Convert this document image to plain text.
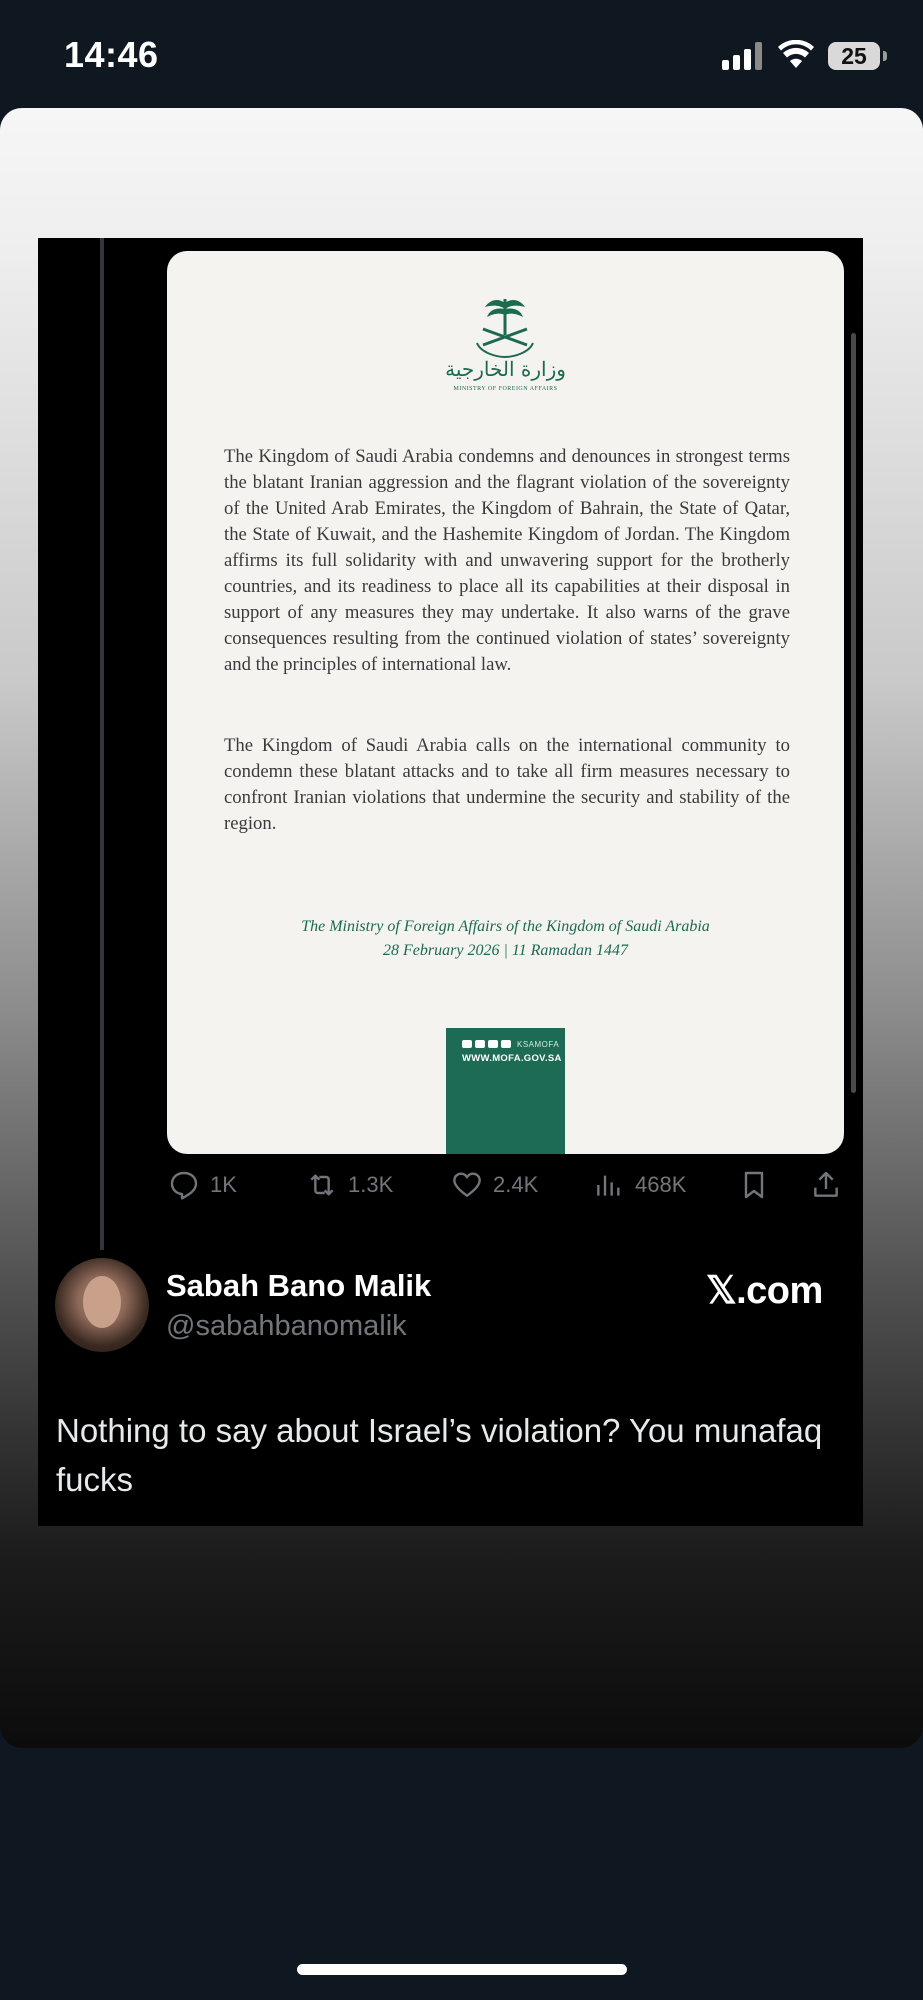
14:46	25
وزارة الخارجية
MINISTRY OF FOREIGN AFFAIRS
The Kingdom of Saudi Arabia condemns and denounces in strongest terms the blatant Iranian aggression and the flagrant violation of the sovereignty of the United Arab Emirates, the Kingdom of Bahrain, the State of Qatar, the State of Kuwait, and the Hashemite Kingdom of Jordan. The Kingdom affirms its full solidarity with and unwavering support for the brotherly countries, and its readiness to place all its capabilities at their disposal in support of any measures they may undertake. It also warns of the grave consequences resulting from the continued violation of states’ sovereignty and the principles of international law.
The Kingdom of Saudi Arabia calls on the international community to condemn these blatant attacks and to take all firm measures necessary to confront Iranian violations that undermine the security and stability of the region.
The Ministry of Foreign Affairs of the Kingdom of Saudi Arabia
28 February 2026 | 11 Ramadan 1447
KSAMOFA
WWW.MOFA.GOV.SA
1K	1.3K	2.4K	468K
Sabah Bano Malik
@sabahbanomalik
𝕏.com
Nothing to say about Israel’s violation? You munafaq fucks
